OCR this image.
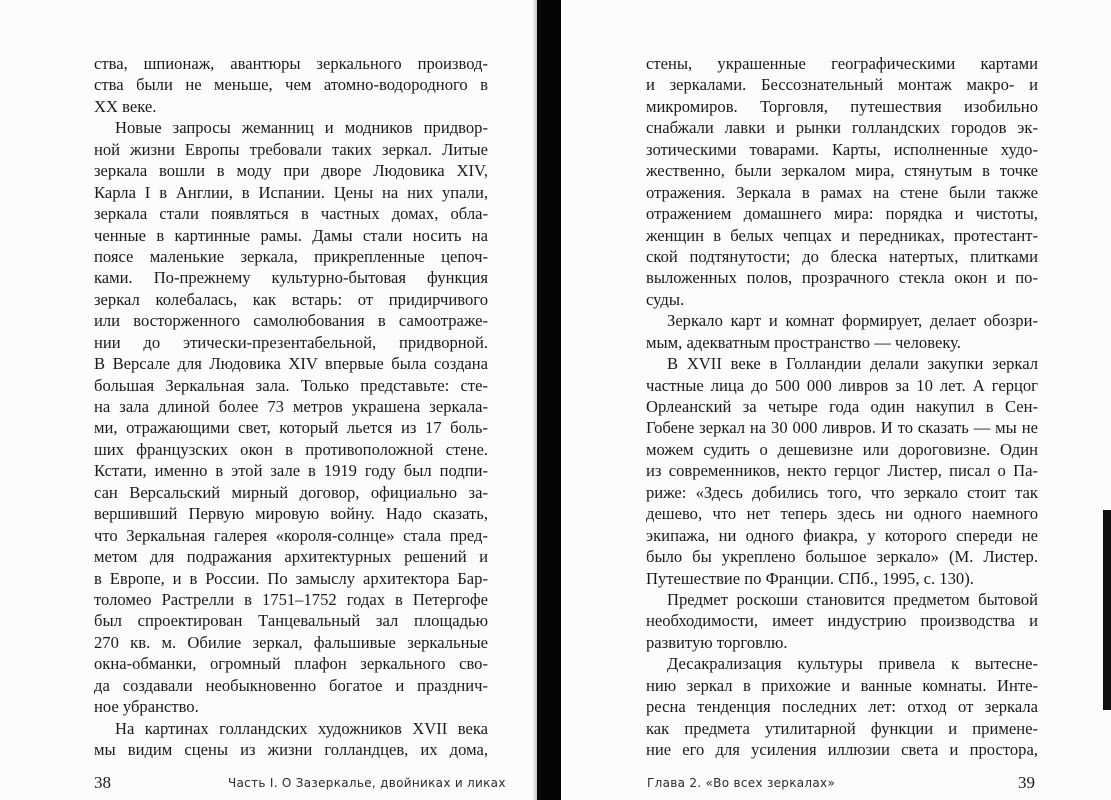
ства, шпионаж, авантюры зеркального производ-
ства были не меньше, чем атомно-водородного в
XX веке.
Новые запросы жеманниц и модников придвор-
ной жизни Европы требовали таких зеркал. Литые
зеркала вошли в моду при дворе Людовика XIV,
Карла I в Англии, в Испании. Цены на них упали,
зеркала стали появляться в частных домах, обла-
ченные в картинные рамы. Дамы стали носить на
поясе маленькие зеркала, прикрепленные цепоч-
ками. По-прежнему культурно-бытовая функция
зеркал колебалась, как встарь: от придирчивого
или восторженного самолюбования в самоотраже-
нии до этически-презентабельной, придворной.
В Версале для Людовика XIV впервые была создана
большая Зеркальная зала. Только представьте: сте-
на зала длиной более 73 метров украшена зеркала-
ми, отражающими свет, который льется из 17 боль-
ших французских окон в противоположной стене.
Кстати, именно в этой зале в 1919 году был подпи-
сан Версальский мирный договор, официально за-
вершивший Первую мировую войну. Надо сказать,
что Зеркальная галерея «короля-солнце» стала пред-
метом для подражания архитектурных решений и
в Европе, и в России. По замыслу архитектора Бар-
толомео Растрелли в 1751–1752 годах в Петергофе
был спроектирован Танцевальный зал площадью
270 кв. м. Обилие зеркал, фальшивые зеркальные
окна-обманки, огромный плафон зеркального сво-
да создавали необыкновенно богатое и празднич-
ное убранство.
На картинах голландских художников XVII века
мы видим сцены из жизни голландцев, их дома,
38	Часть I. О Зазеркалье, двойниках и ликах	Глава 2. «Во всех зеркалах»	39
стены, украшенные географическими картами
и зеркалами. Бессознательный монтаж макро- и
микромиров. Торговля, путешествия изобильно
снабжали лавки и рынки голландских городов эк-
зотическими товарами. Карты, исполненные худо-
жественно, были зеркалом мира, стянутым в точке
отражения. Зеркала в рамах на стене были также
отражением домашнего мира: порядка и чистоты,
женщин в белых чепцах и передниках, протестант-
ской подтянутости; до блеска натертых, плитками
выложенных полов, прозрачного стекла окон и по-
суды.
Зеркало карт и комнат формирует, делает обозри-
мым, адекватным пространство — человеку.
В XVII веке в Голландии делали закупки зеркал
частные лица до 500 000 ливров за 10 лет. А герцог
Орлеанский за четыре года один накупил в Сен-
Гобене зеркал на 30 000 ливров. И то сказать — мы не
можем судить о дешевизне или дороговизне. Один
из современников, некто герцог Листер, писал о Па-
риже: «Здесь добились того, что зеркало стоит так
дешево, что нет теперь здесь ни одного наемного
экипажа, ни одного фиакра, у которого спереди не
было бы укреплено большое зеркало» (М. Листер.
Путешествие по Франции. СПб., 1995, с. 130).
Предмет роскоши становится предметом бытовой
необходимости, имеет индустрию производства и
развитую торговлю.
Десакрализация культуры привела к вытесне-
нию зеркал в прихожие и ванные комнаты. Инте-
ресна тенденция последних лет: отход от зеркала
как предмета утилитарной функции и примене-
ние его для усиления иллюзии света и простора,
